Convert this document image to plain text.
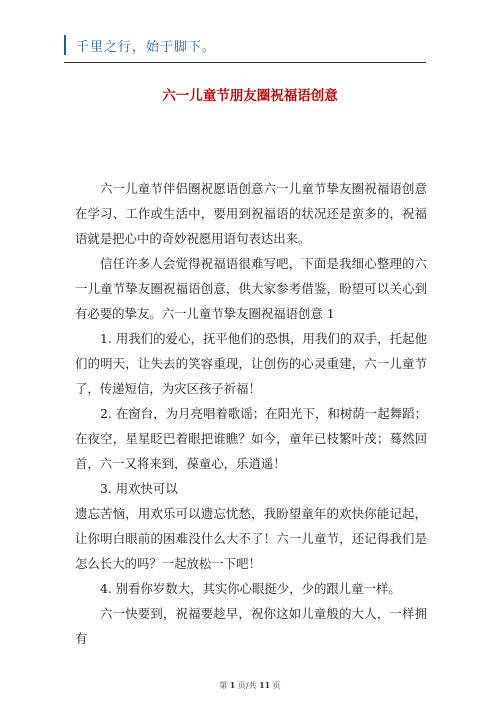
千里之行，始于脚下。
六一儿童节朋友圈祝福语创意

六一儿童节伴侣圈祝愿语创意六一儿童节挚友圈祝福语创意在学习、工作或生活中，要用到祝福语的状况还是蛮多的，祝福语就是把心中的奇妙祝愿用语句表达出来。

信任许多人会觉得祝福语很难写吧，下面是我细心整理的六一儿童节挚友圈祝福语创意，供大家参考借鉴，盼望可以关心到有必要的挚友。六一儿童节挚友圈祝福语创意 1

1. 用我们的爱心，抚平他们的恐惧，用我们的双手，托起他们的明天，让失去的笑容重现，让创伤的心灵重建，六一儿童节了，传递短信，为灾区孩子祈福！

2. 在窗台，为月亮唱着歌谣；在阳光下，和树荫一起舞蹈；在夜空，星星眨巴着眼把谁瞧？如今，童年已枝繁叶茂；蓦然回首，六一又将来到，葆童心，乐逍遥！

3. 用欢快可以

遗忘苦恼，用欢乐可以遗忘忧愁，我盼望童年的欢快你能记起，让你明白眼前的困难没什么大不了！六一儿童节，还记得我们是怎么长大的吗？一起放松一下吧！

4. 别看你岁数大，其实你心眼挺少，少的跟儿童一样。

六一快要到，祝福要趁早，祝你这如儿童般的大人，一样拥有

第 1 页/共 11 页
